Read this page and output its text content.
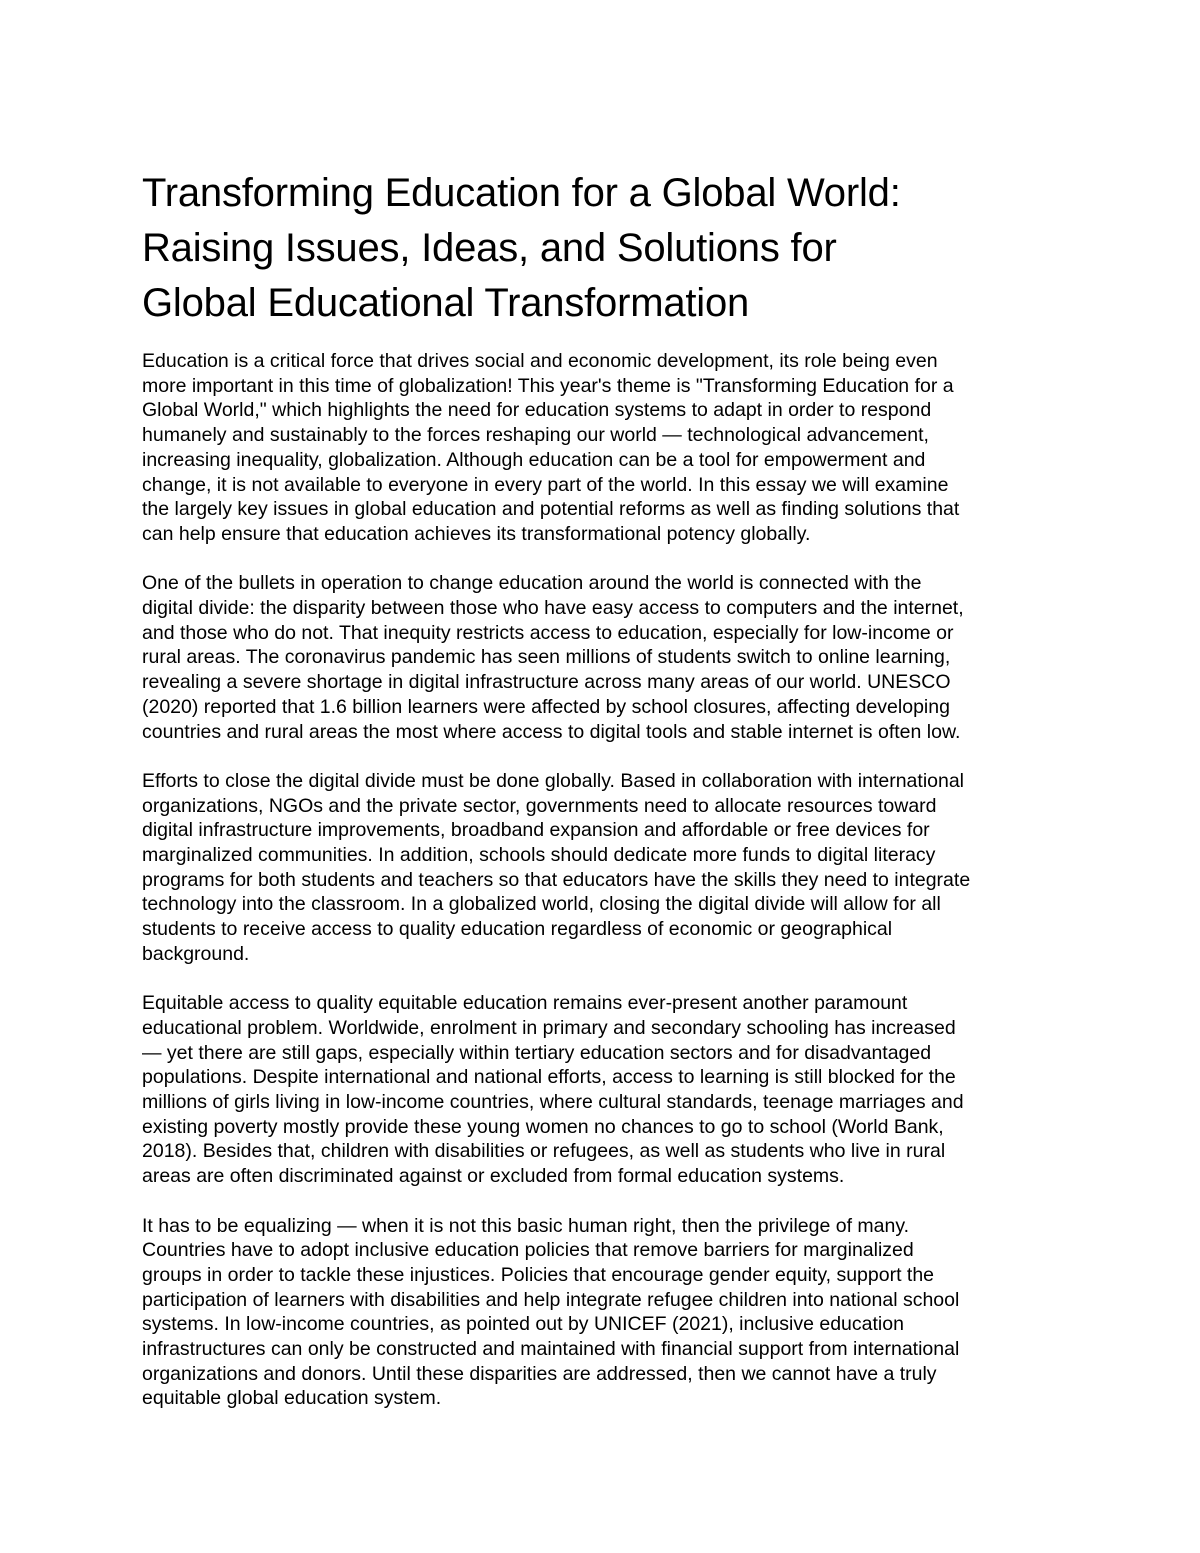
Transforming Education for a Global World:
Raising Issues, Ideas, and Solutions for
Global Educational Transformation

Education is a critical force that drives social and economic development, its role being even
more important in this time of globalization! This year's theme is "Transforming Education for a
Global World," which highlights the need for education systems to adapt in order to respond
humanely and sustainably to the forces reshaping our world — technological advancement,
increasing inequality, globalization. Although education can be a tool for empowerment and
change, it is not available to everyone in every part of the world. In this essay we will examine
the largely key issues in global education and potential reforms as well as finding solutions that
can help ensure that education achieves its transformational potency globally.

One of the bullets in operation to change education around the world is connected with the
digital divide: the disparity between those who have easy access to computers and the internet,
and those who do not. That inequity restricts access to education, especially for low-income or
rural areas. The coronavirus pandemic has seen millions of students switch to online learning,
revealing a severe shortage in digital infrastructure across many areas of our world. UNESCO
(2020) reported that 1.6 billion learners were affected by school closures, affecting developing
countries and rural areas the most where access to digital tools and stable internet is often low.

Efforts to close the digital divide must be done globally. Based in collaboration with international
organizations, NGOs and the private sector, governments need to allocate resources toward
digital infrastructure improvements, broadband expansion and affordable or free devices for
marginalized communities. In addition, schools should dedicate more funds to digital literacy
programs for both students and teachers so that educators have the skills they need to integrate
technology into the classroom. In a globalized world, closing the digital divide will allow for all
students to receive access to quality education regardless of economic or geographical
background.

Equitable access to quality equitable education remains ever-present another paramount
educational problem. Worldwide, enrolment in primary and secondary schooling has increased
— yet there are still gaps, especially within tertiary education sectors and for disadvantaged
populations. Despite international and national efforts, access to learning is still blocked for the
millions of girls living in low-income countries, where cultural standards, teenage marriages and
existing poverty mostly provide these young women no chances to go to school (World Bank,
2018). Besides that, children with disabilities or refugees, as well as students who live in rural
areas are often discriminated against or excluded from formal education systems.

It has to be equalizing — when it is not this basic human right, then the privilege of many.
Countries have to adopt inclusive education policies that remove barriers for marginalized
groups in order to tackle these injustices. Policies that encourage gender equity, support the
participation of learners with disabilities and help integrate refugee children into national school
systems. In low-income countries, as pointed out by UNICEF (2021), inclusive education
infrastructures can only be constructed and maintained with financial support from international
organizations and donors. Until these disparities are addressed, then we cannot have a truly
equitable global education system.
